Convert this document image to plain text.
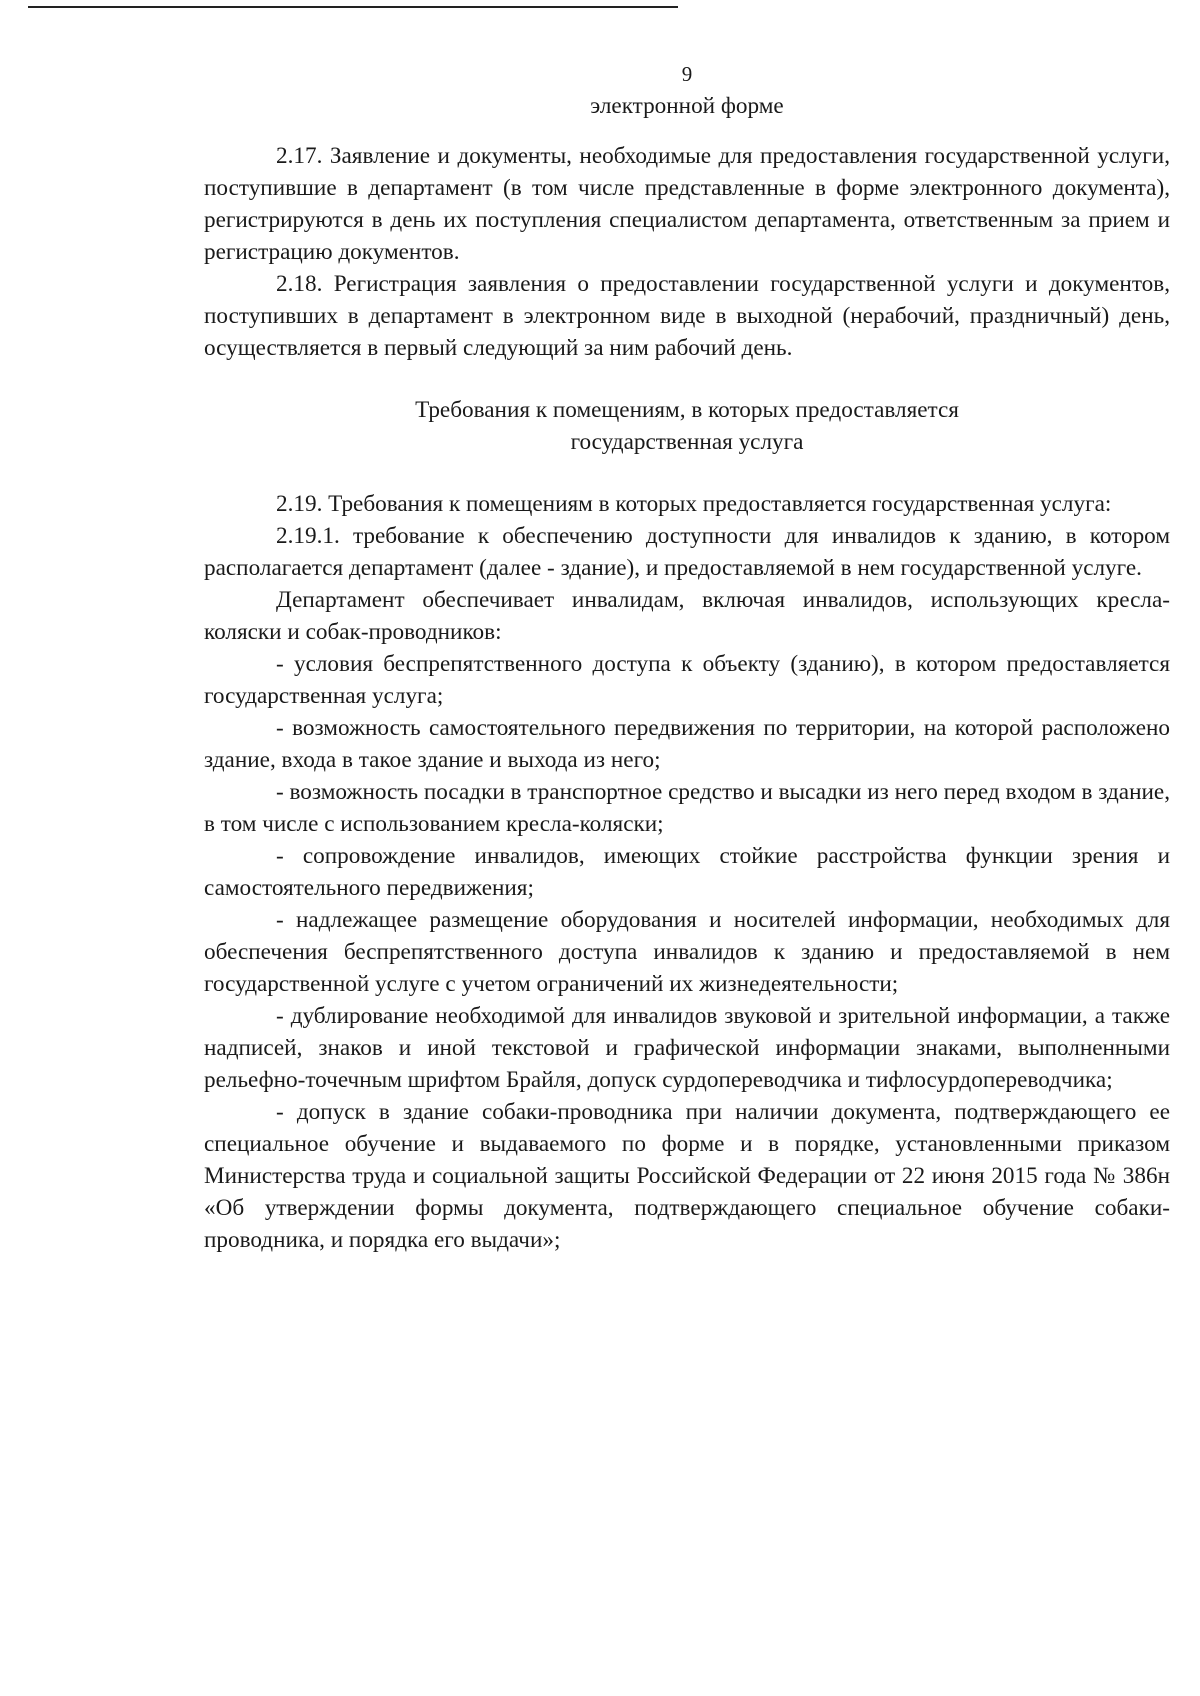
9
электронной форме

2.17. Заявление и документы, необходимые для предоставления государственной услуги, поступившие в департамент (в том числе представленные в форме электронного документа), регистрируются в день их поступления специалистом департамента, ответственным за прием и регистрацию документов.

2.18. Регистрация заявления о предоставлении государственной услуги и документов, поступивших в департамент в электронном виде в выходной (нерабочий, праздничный) день, осуществляется в первый следующий за ним рабочий день.

Требования к помещениям, в которых предоставляется
государственная услуга

2.19. Требования к помещениям в которых предоставляется государственная услуга:

2.19.1. требование к обеспечению доступности для инвалидов к зданию, в котором располагается департамент (далее - здание), и предоставляемой в нем государственной услуге.

Департамент обеспечивает инвалидам, включая инвалидов, использующих кресла-коляски и собак-проводников:

- условия беспрепятственного доступа к объекту (зданию), в котором предоставляется государственная услуга;

- возможность самостоятельного передвижения по территории, на которой расположено здание, входа в такое здание и выхода из него;

- возможность посадки в транспортное средство и высадки из него перед входом в здание, в том числе с использованием кресла-коляски;

- сопровождение инвалидов, имеющих стойкие расстройства функции зрения и самостоятельного передвижения;

- надлежащее размещение оборудования и носителей информации, необходимых для обеспечения беспрепятственного доступа инвалидов к зданию и предоставляемой в нем государственной услуге с учетом ограничений их жизнедеятельности;

- дублирование необходимой для инвалидов звуковой и зрительной информации, а также надписей, знаков и иной текстовой и графической информации знаками, выполненными рельефно-точечным шрифтом Брайля, допуск сурдопереводчика и тифлосурдопереводчика;

- допуск в здание собаки-проводника при наличии документа, подтверждающего ее специальное обучение и выдаваемого по форме и в порядке, установленными приказом Министерства труда и социальной защиты Российской Федерации от 22 июня 2015 года № 386н «Об утверждении формы документа, подтверждающего специальное обучение собаки-проводника, и порядка его выдачи»;
